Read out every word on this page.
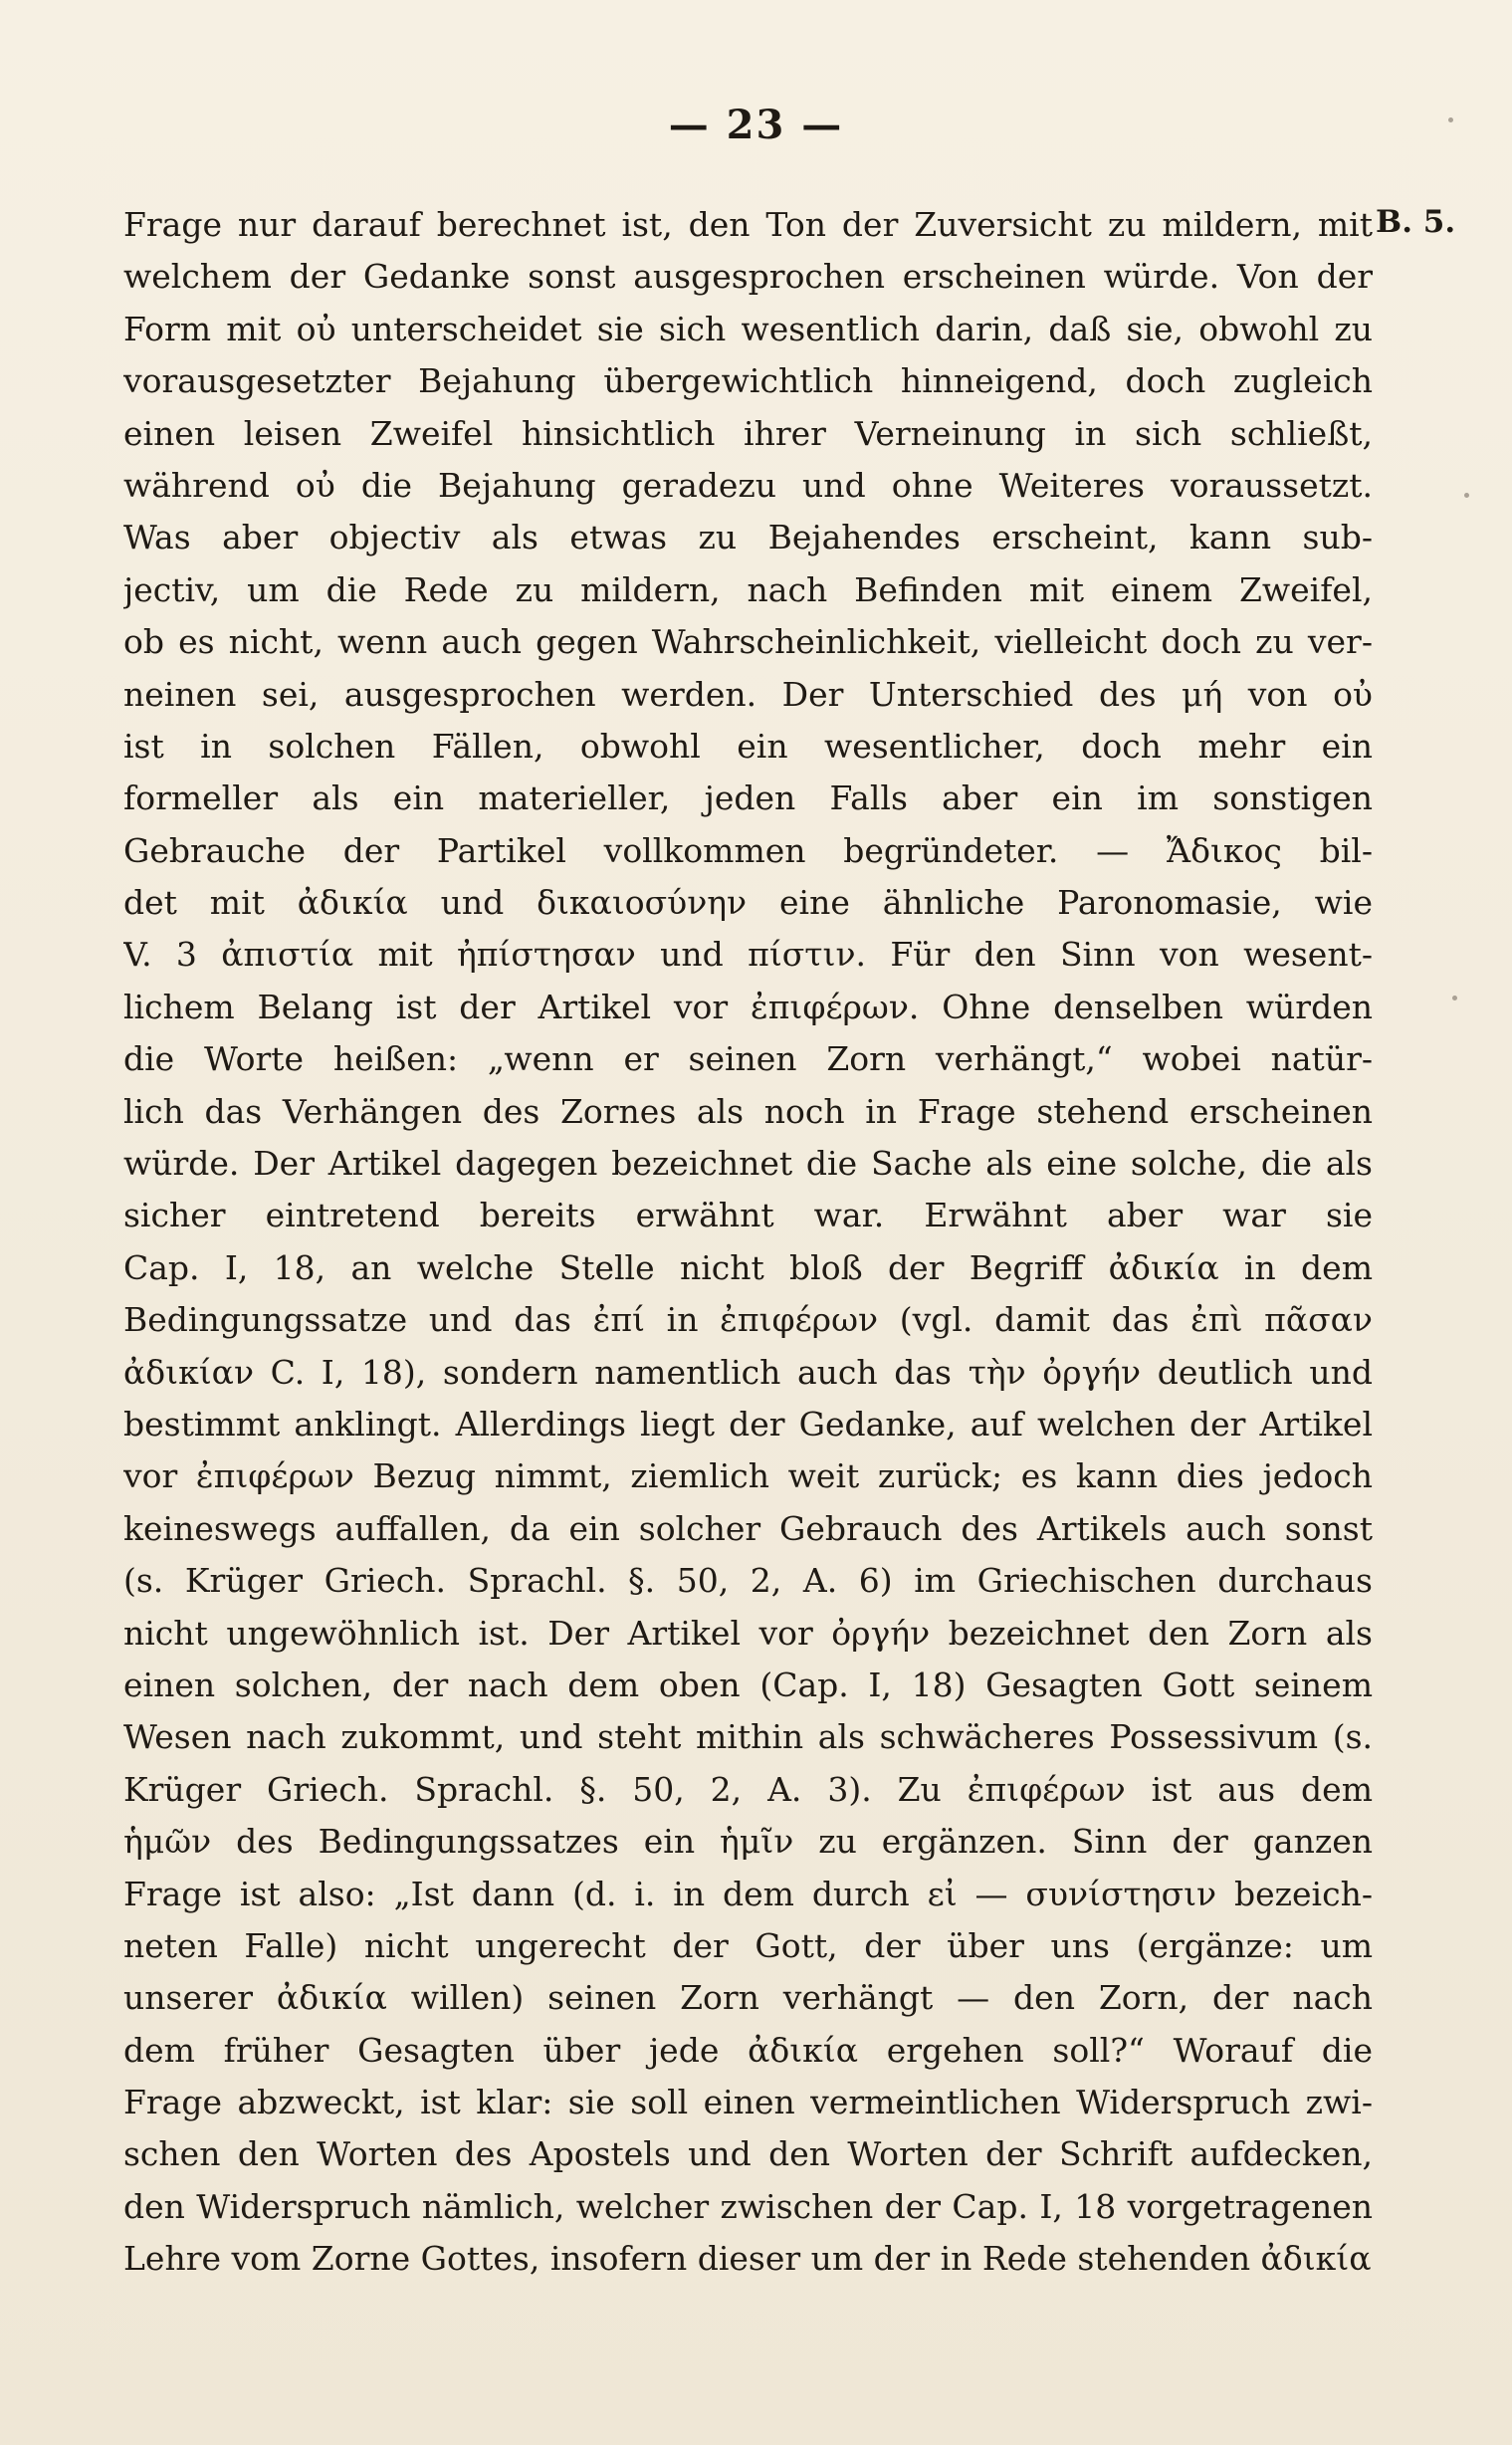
— 23 —
B. 5.
Frage nur darauf berechnet ist, den Ton der Zuversicht zu mildern, mit
welchem der Gedanke sonst ausgesprochen erscheinen würde. Von der
Form mit οὐ unterscheidet sie sich wesentlich darin, daß sie, obwohl zu
vorausgesetzter Bejahung übergewichtlich hinneigend, doch zugleich
einen leisen Zweifel hinsichtlich ihrer Verneinung in sich schließt,
während οὐ die Bejahung geradezu und ohne Weiteres voraussetzt.
Was aber objectiv als etwas zu Bejahendes erscheint, kann sub-
jectiv, um die Rede zu mildern, nach Befinden mit einem Zweifel,
ob es nicht, wenn auch gegen Wahrscheinlichkeit, vielleicht doch zu ver-
neinen sei, ausgesprochen werden. Der Unterschied des μή von οὐ
ist in solchen Fällen, obwohl ein wesentlicher, doch mehr ein
formeller als ein materieller, jeden Falls aber ein im sonstigen
Gebrauche der Partikel vollkommen begründeter. — Ἄδικος bil-
det mit ἀδικία und δικαιοσύνην eine ähnliche Paronomasie, wie
V. 3 ἀπιστία mit ἠπίστησαν und πίστιν. Für den Sinn von wesent-
lichem Belang ist der Artikel vor ἐπιφέρων. Ohne denselben würden
die Worte heißen: „wenn er seinen Zorn verhängt,“ wobei natür-
lich das Verhängen des Zornes als noch in Frage stehend erscheinen
würde. Der Artikel dagegen bezeichnet die Sache als eine solche, die als
sicher eintretend bereits erwähnt war. Erwähnt aber war sie
Cap. I, 18, an welche Stelle nicht bloß der Begriff ἀδικία in dem
Bedingungssatze und das ἐπί in ἐπιφέρων (vgl. damit das ἐπὶ πᾶσαν
ἀδικίαν C. I, 18), sondern namentlich auch das τὴν ὀργήν deutlich und
bestimmt anklingt. Allerdings liegt der Gedanke, auf welchen der Artikel
vor ἐπιφέρων Bezug nimmt, ziemlich weit zurück; es kann dies jedoch
keineswegs auffallen, da ein solcher Gebrauch des Artikels auch sonst
(s. Krüger Griech. Sprachl. §. 50, 2, A. 6) im Griechischen durchaus
nicht ungewöhnlich ist. Der Artikel vor ὀργήν bezeichnet den Zorn als
einen solchen, der nach dem oben (Cap. I, 18) Gesagten Gott seinem
Wesen nach zukommt, und steht mithin als schwächeres Possessivum (s.
Krüger Griech. Sprachl. §. 50, 2, A. 3). Zu ἐπιφέρων ist aus dem
ἡμῶν des Bedingungssatzes ein ἡμῖν zu ergänzen. Sinn der ganzen
Frage ist also: „Ist dann (d. i. in dem durch εἰ — συνίστησιν bezeich-
neten Falle) nicht ungerecht der Gott, der über uns (ergänze: um
unserer ἀδικία willen) seinen Zorn verhängt — den Zorn, der nach
dem früher Gesagten über jede ἀδικία ergehen soll?“ Worauf die
Frage abzweckt, ist klar: sie soll einen vermeintlichen Widerspruch zwi-
schen den Worten des Apostels und den Worten der Schrift aufdecken,
den Widerspruch nämlich, welcher zwischen der Cap. I, 18 vorgetragenen
Lehre vom Zorne Gottes, insofern dieser um der in Rede stehenden ἀδικία
